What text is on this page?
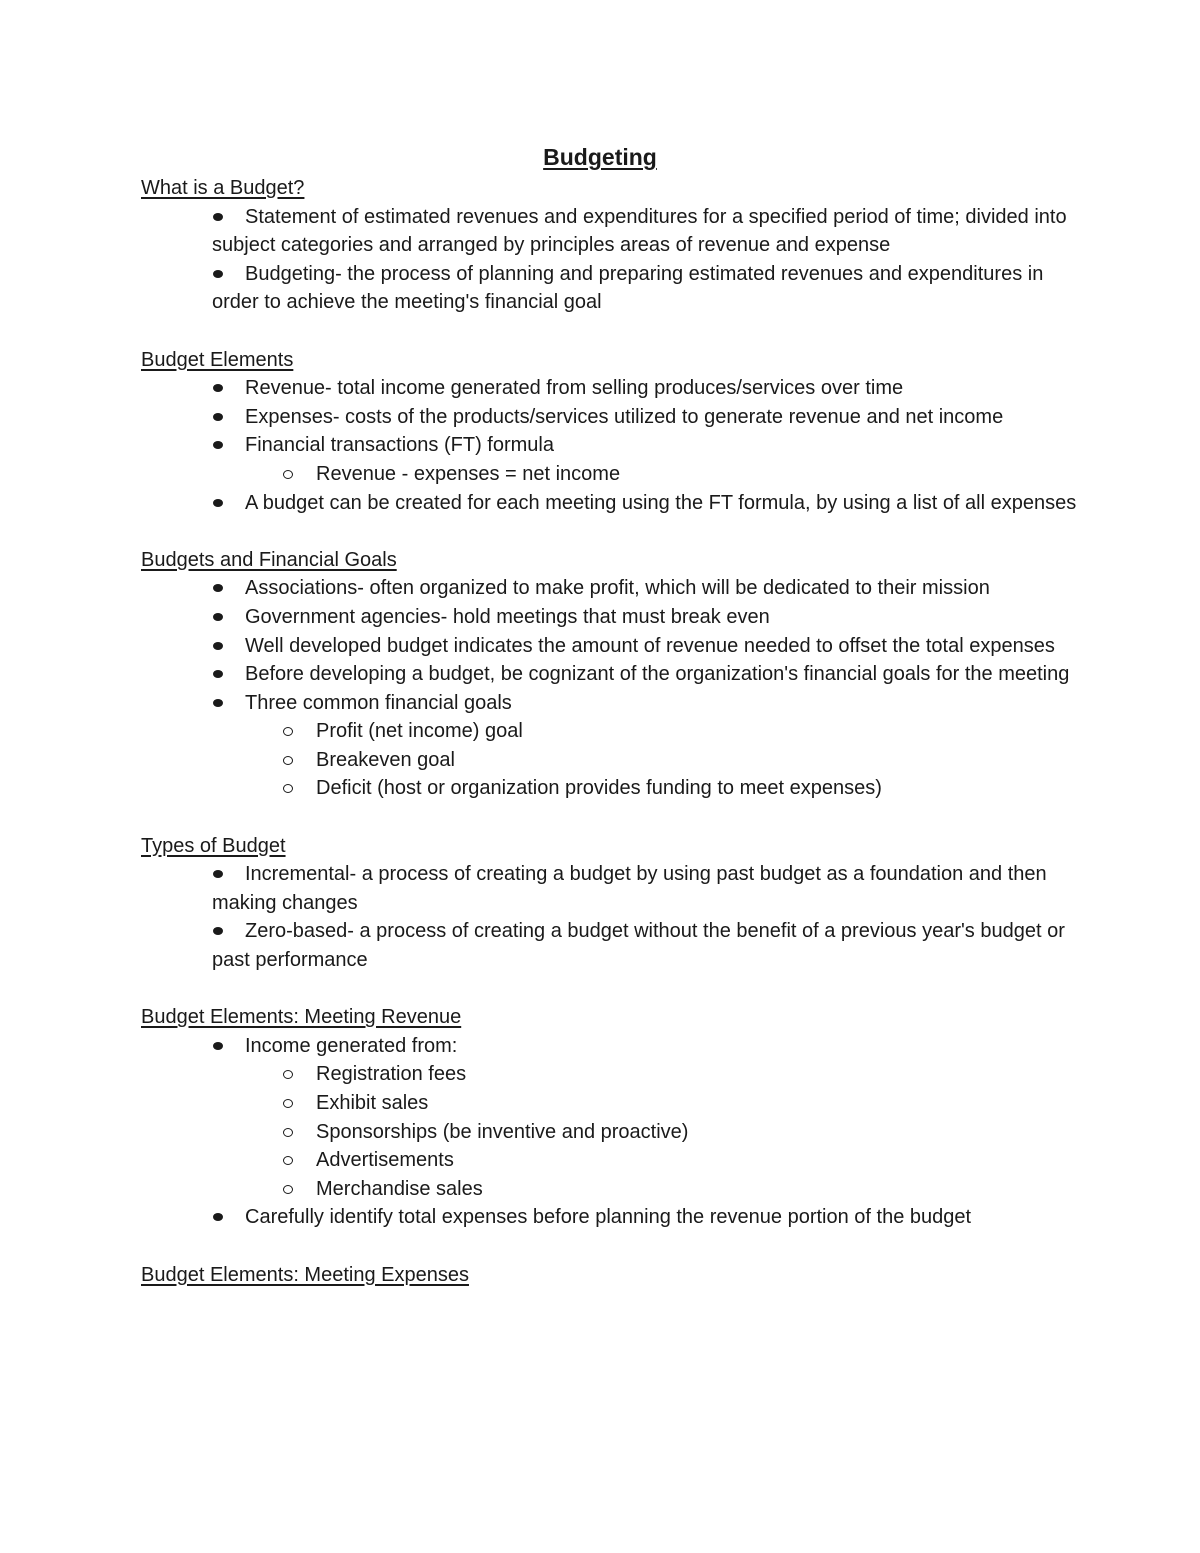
Budgeting
What is a Budget?

Statement of estimated revenues and expenditures for a specified period of time; divided into subject categories and arranged by principles areas of revenue and expense

Budgeting- the process of planning and preparing estimated revenues and expenditures in order to achieve the meeting's financial goal

Budget Elements

Revenue- total income generated from selling produces/services over time

Expenses- costs of the products/services utilized to generate revenue and net income

Financial transactions (FT) formula

Revenue - expenses = net income

A budget can be created for each meeting using the FT formula, by using a list of all expenses

Budgets and Financial Goals

Associations- often organized to make profit, which will be dedicated to their mission

Government agencies- hold meetings that must break even

Well developed budget indicates the amount of revenue needed to offset the total expenses

Before developing a budget, be cognizant of the organization's financial goals for the meeting

Three common financial goals

Profit (net income) goal

Breakeven goal

Deficit (host or organization provides funding to meet expenses)

Types of Budget

Incremental- a process of creating a budget by using past budget as a foundation and then making changes

Zero-based- a process of creating a budget without the benefit of a previous year's budget or past performance

Budget Elements: Meeting Revenue

Income generated from:

Registration fees

Exhibit sales

Sponsorships (be inventive and proactive)

Advertisements

Merchandise sales

Carefully identify total expenses before planning the revenue portion of the budget

Budget Elements: Meeting Expenses
